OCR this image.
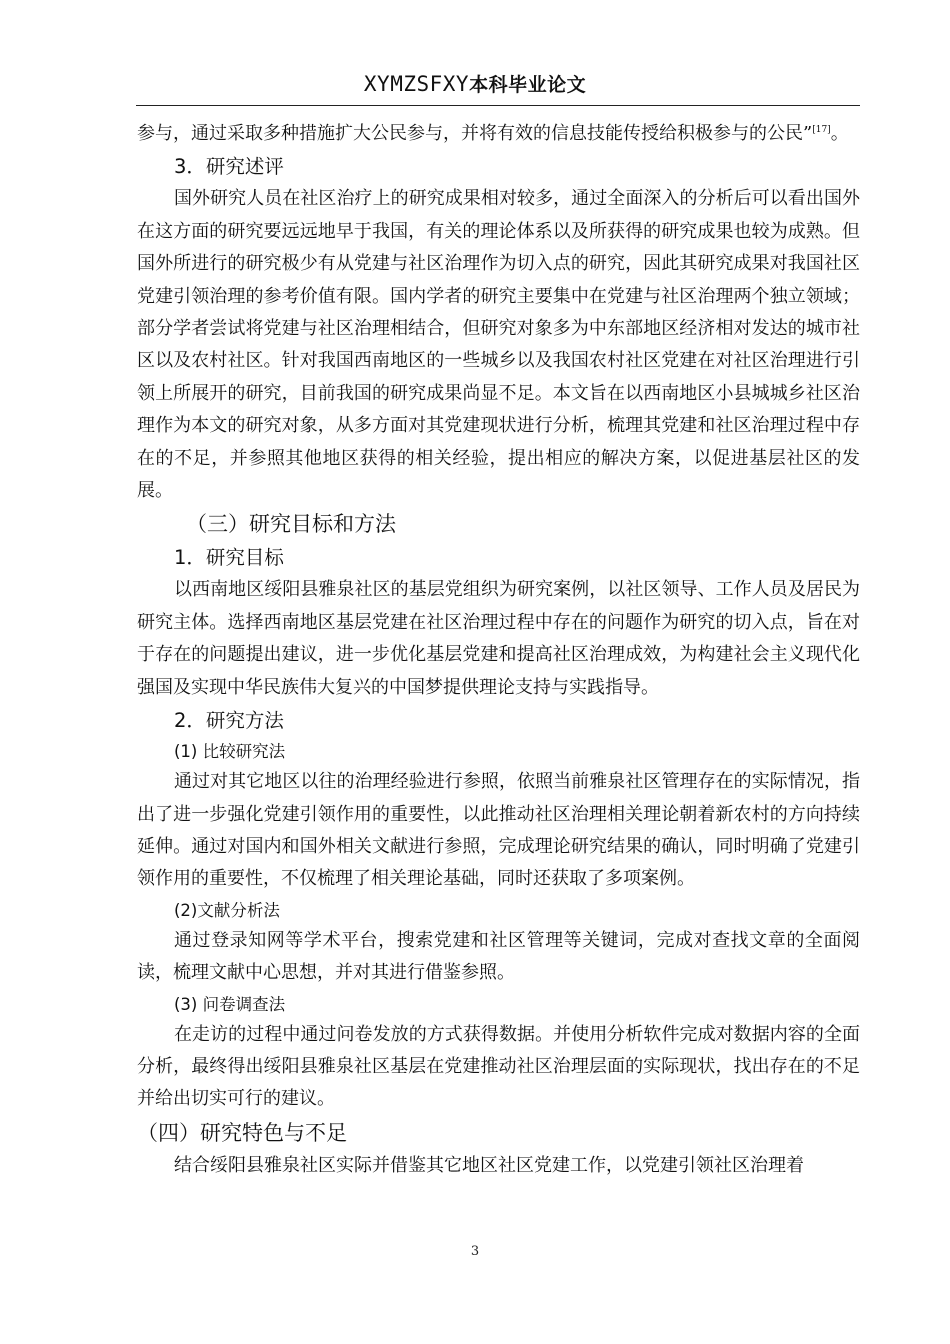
XYMZSFXY本科毕业论文

参与，通过采取多种措施扩大公民参与，并将有效的信息技能传授给积极参与的公民”[17]。

3．研究述评

国外研究人员在社区治疗上的研究成果相对较多，通过全面深入的分析后可以看出国外在这方面的研究要远远地早于我国，有关的理论体系以及所获得的研究成果也较为成熟。但国外所进行的研究极少有从党建与社区治理作为切入点的研究，因此其研究成果对我国社区党建引领治理的参考价值有限。国内学者的研究主要集中在党建与社区治理两个独立领域；部分学者尝试将党建与社区治理相结合，但研究对象多为中东部地区经济相对发达的城市社区以及农村社区。针对我国西南地区的一些城乡以及我国农村社区党建在对社区治理进行引领上所展开的研究，目前我国的研究成果尚显不足。本文旨在以西南地区小县城城乡社区治理作为本文的研究对象，从多方面对其党建现状进行分析，梳理其党建和社区治理过程中存在的不足，并参照其他地区获得的相关经验，提出相应的解决方案，以促进基层社区的发展。

（三）研究目标和方法

1．研究目标

以西南地区绥阳县雅泉社区的基层党组织为研究案例，以社区领导、工作人员及居民为研究主体。选择西南地区基层党建在社区治理过程中存在的问题作为研究的切入点，旨在对于存在的问题提出建议，进一步优化基层党建和提高社区治理成效，为构建社会主义现代化强国及实现中华民族伟大复兴的中国梦提供理论支持与实践指导。

2．研究方法

(1) 比较研究法

通过对其它地区以往的治理经验进行参照，依照当前雅泉社区管理存在的实际情况，指出了进一步强化党建引领作用的重要性，以此推动社区治理相关理论朝着新农村的方向持续延伸。通过对国内和国外相关文献进行参照，完成理论研究结果的确认，同时明确了党建引领作用的重要性，不仅梳理了相关理论基础，同时还获取了多项案例。

(2)文献分析法

通过登录知网等学术平台，搜索党建和社区管理等关键词，完成对查找文章的全面阅读，梳理文献中心思想，并对其进行借鉴参照。

(3) 问卷调查法

在走访的过程中通过问卷发放的方式获得数据。并使用分析软件完成对数据内容的全面分析，最终得出绥阳县雅泉社区基层在党建推动社区治理层面的实际现状，找出存在的不足并给出切实可行的建议。

（四）研究特色与不足

结合绥阳县雅泉社区实际并借鉴其它地区社区党建工作，以党建引领社区治理着

3
